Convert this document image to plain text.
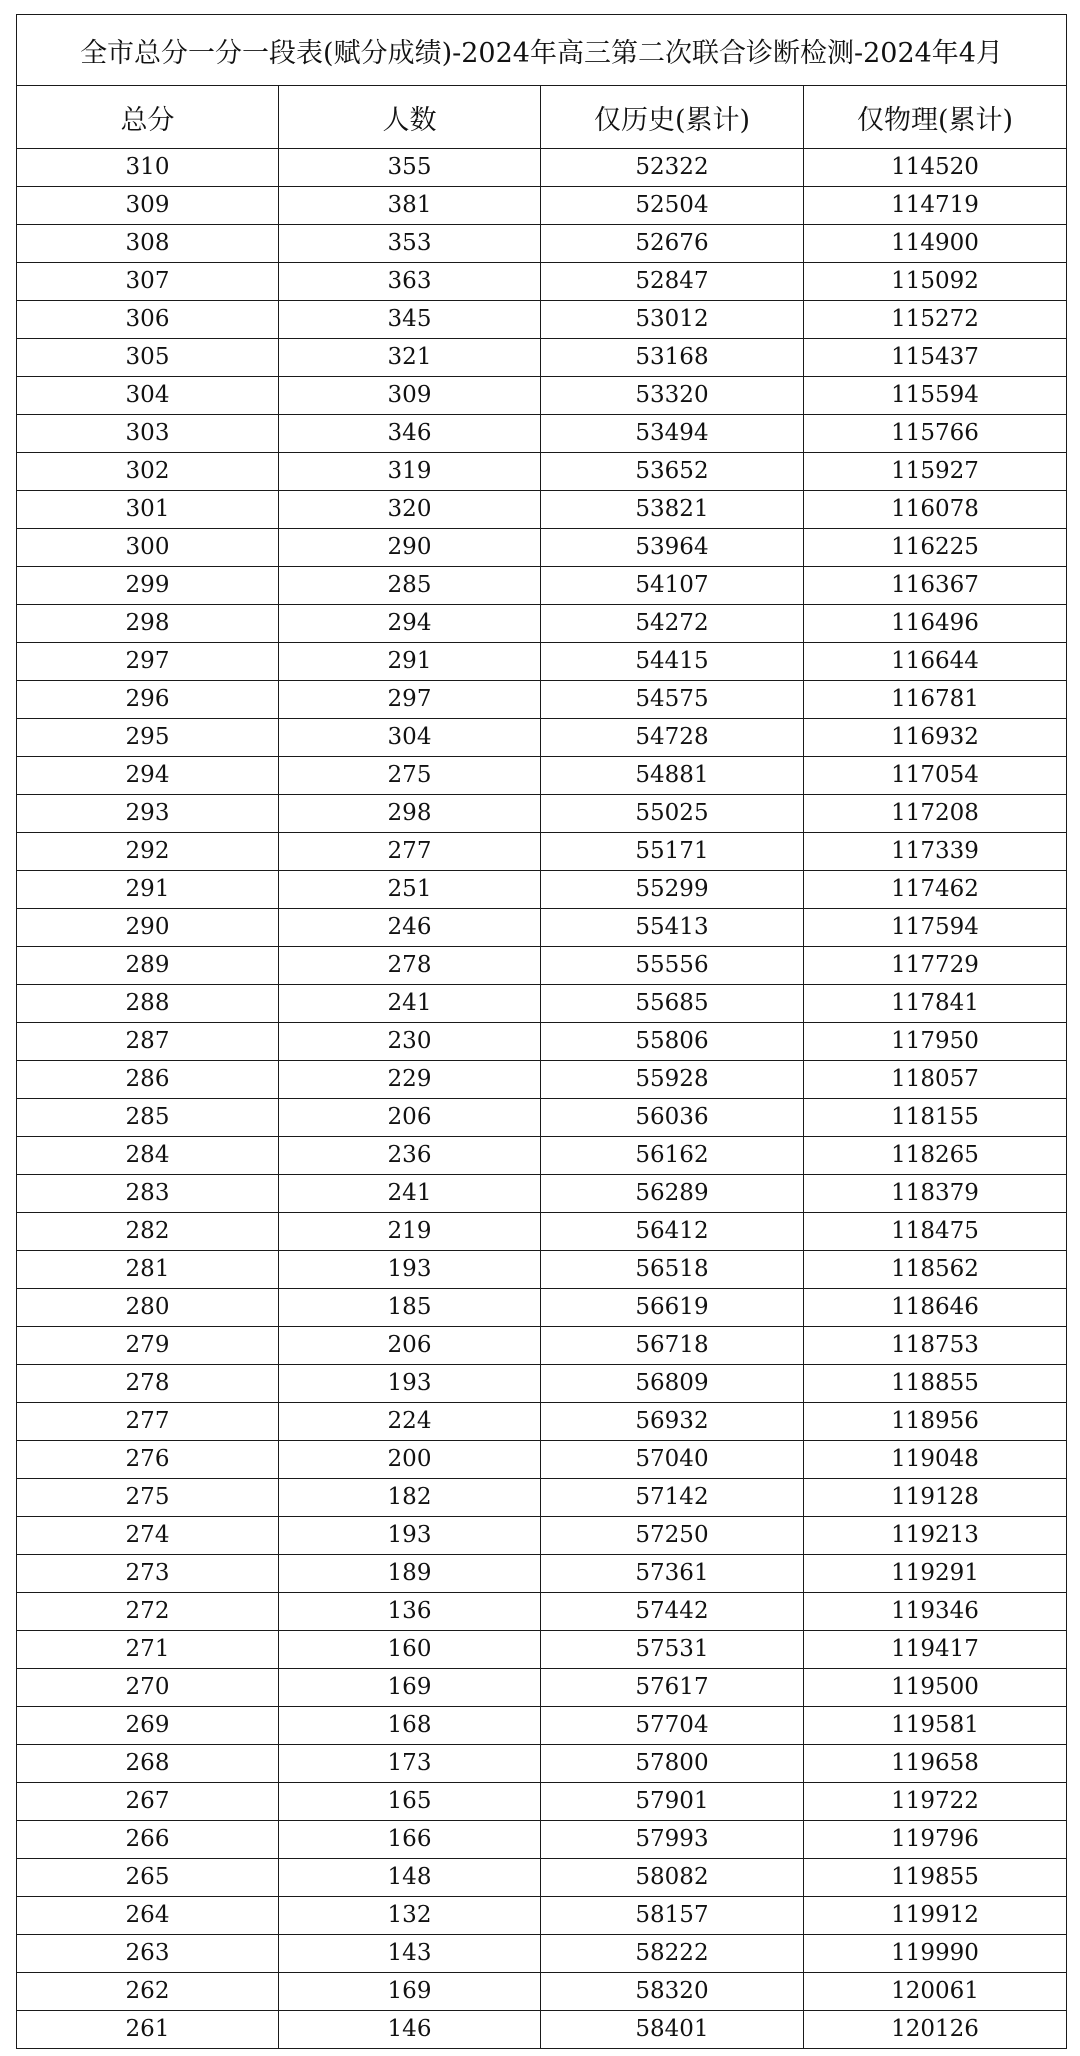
全市总分一分一段表(赋分成绩)-2024年高三第二次联合诊断检测-2024年4月			
总分	人数	仅历史(累计)	仅物理(累计)
310	355	52322	114520
309	381	52504	114719
308	353	52676	114900
307	363	52847	115092
306	345	53012	115272
305	321	53168	115437
304	309	53320	115594
303	346	53494	115766
302	319	53652	115927
301	320	53821	116078
300	290	53964	116225
299	285	54107	116367
298	294	54272	116496
297	291	54415	116644
296	297	54575	116781
295	304	54728	116932
294	275	54881	117054
293	298	55025	117208
292	277	55171	117339
291	251	55299	117462
290	246	55413	117594
289	278	55556	117729
288	241	55685	117841
287	230	55806	117950
286	229	55928	118057
285	206	56036	118155
284	236	56162	118265
283	241	56289	118379
282	219	56412	118475
281	193	56518	118562
280	185	56619	118646
279	206	56718	118753
278	193	56809	118855
277	224	56932	118956
276	200	57040	119048
275	182	57142	119128
274	193	57250	119213
273	189	57361	119291
272	136	57442	119346
271	160	57531	119417
270	169	57617	119500
269	168	57704	119581
268	173	57800	119658
267	165	57901	119722
266	166	57993	119796
265	148	58082	119855
264	132	58157	119912
263	143	58222	119990
262	169	58320	120061
261	146	58401	120126
